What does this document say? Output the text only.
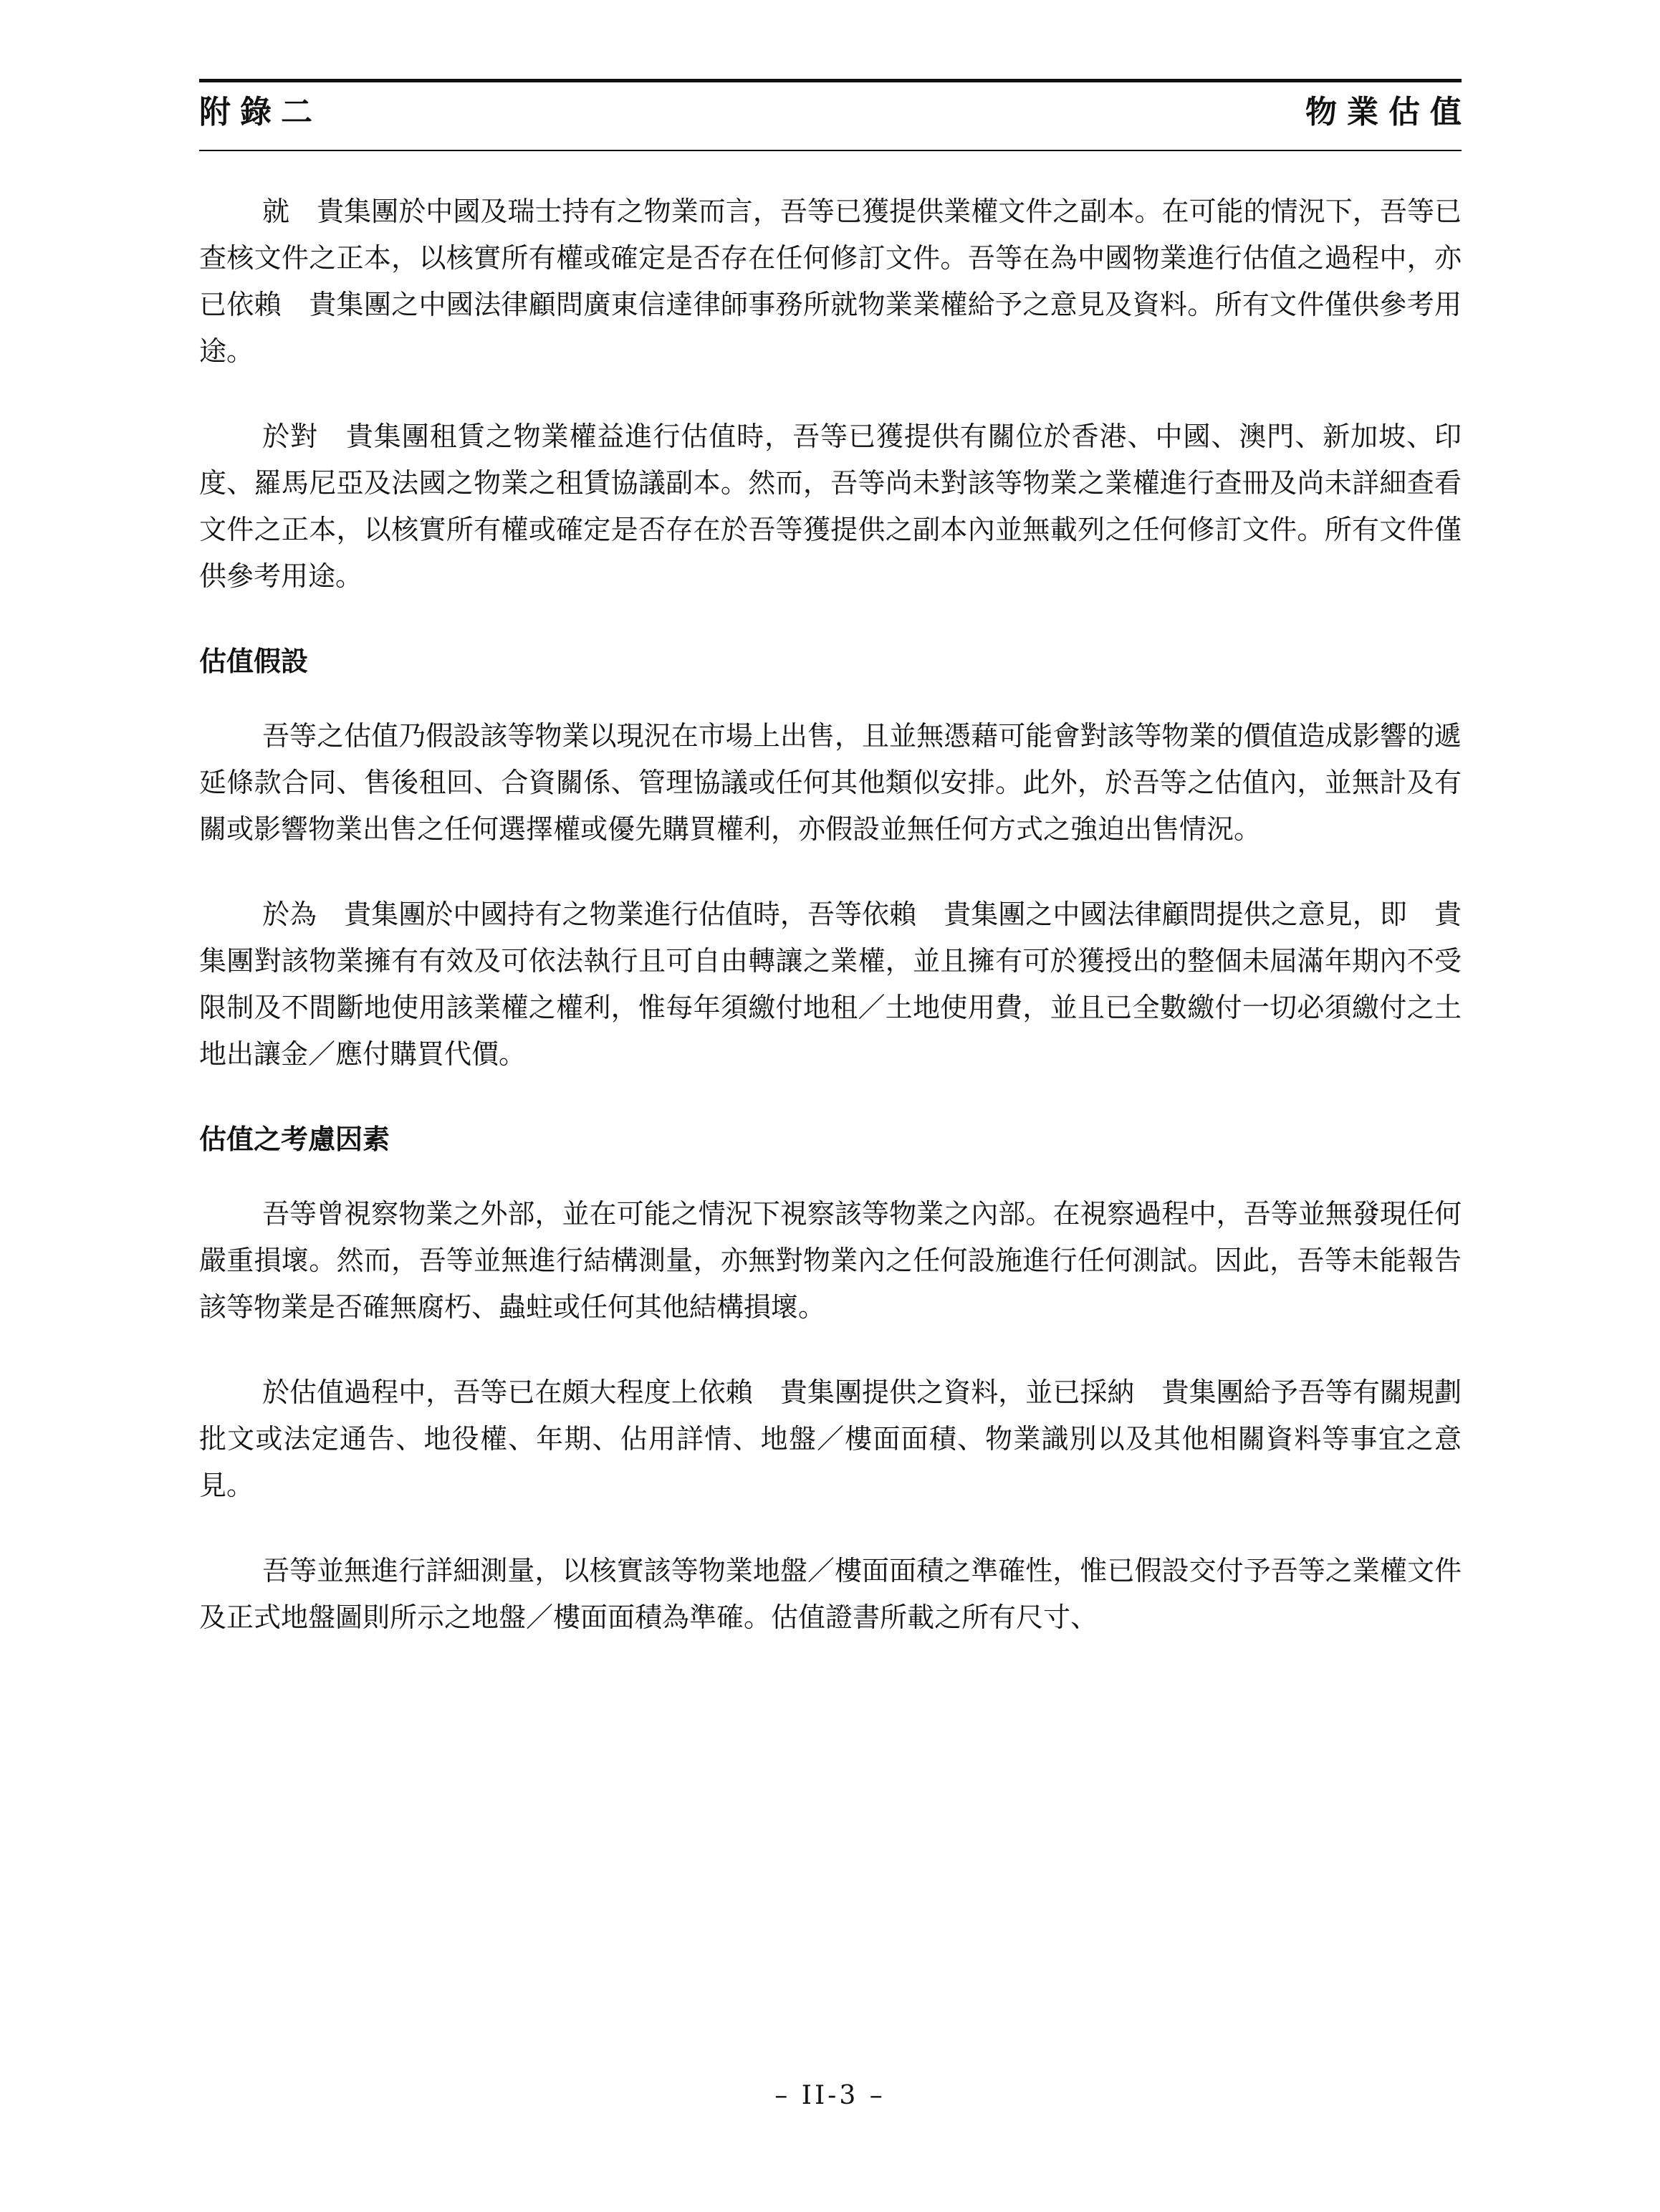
附錄二	物業估值

就　貴集團於中國及瑞士持有之物業而言，吾等已獲提供業權文件之副本。在可能的情況下，吾等已查核文件之正本，以核實所有權或確定是否存在任何修訂文件。吾等在為中國物業進行估值之過程中，亦已依賴　貴集團之中國法律顧問廣東信達律師事務所就物業業權給予之意見及資料。所有文件僅供參考用途。

於對　貴集團租賃之物業權益進行估值時，吾等已獲提供有關位於香港、中國、澳門、新加坡、印度、羅馬尼亞及法國之物業之租賃協議副本。然而，吾等尚未對該等物業之業權進行查冊及尚未詳細查看文件之正本，以核實所有權或確定是否存在於吾等獲提供之副本內並無載列之任何修訂文件。所有文件僅供參考用途。

估值假設

吾等之估值乃假設該等物業以現況在市場上出售，且並無憑藉可能會對該等物業的價值造成影響的遞延條款合同、售後租回、合資關係、管理協議或任何其他類似安排。此外，於吾等之估值內，並無計及有關或影響物業出售之任何選擇權或優先購買權利，亦假設並無任何方式之強迫出售情況。

於為　貴集團於中國持有之物業進行估值時，吾等依賴　貴集團之中國法律顧問提供之意見，即　貴集團對該物業擁有有效及可依法執行且可自由轉讓之業權，並且擁有可於獲授出的整個未屆滿年期內不受限制及不間斷地使用該業權之權利，惟每年須繳付地租／土地使用費，並且已全數繳付一切必須繳付之土地出讓金／應付購買代價。

估值之考慮因素

吾等曾視察物業之外部，並在可能之情況下視察該等物業之內部。在視察過程中，吾等並無發現任何嚴重損壞。然而，吾等並無進行結構測量，亦無對物業內之任何設施進行任何測試。因此，吾等未能報告該等物業是否確無腐朽、蟲蛀或任何其他結構損壞。

於估值過程中，吾等已在頗大程度上依賴　貴集團提供之資料，並已採納　貴集團給予吾等有關規劃批文或法定通告、地役權、年期、佔用詳情、地盤／樓面面積、物業識別以及其他相關資料等事宜之意見。

吾等並無進行詳細測量，以核實該等物業地盤／樓面面積之準確性，惟已假設交付予吾等之業權文件及正式地盤圖則所示之地盤／樓面面積為準確。估值證書所載之所有尺寸、

– II-3 –
